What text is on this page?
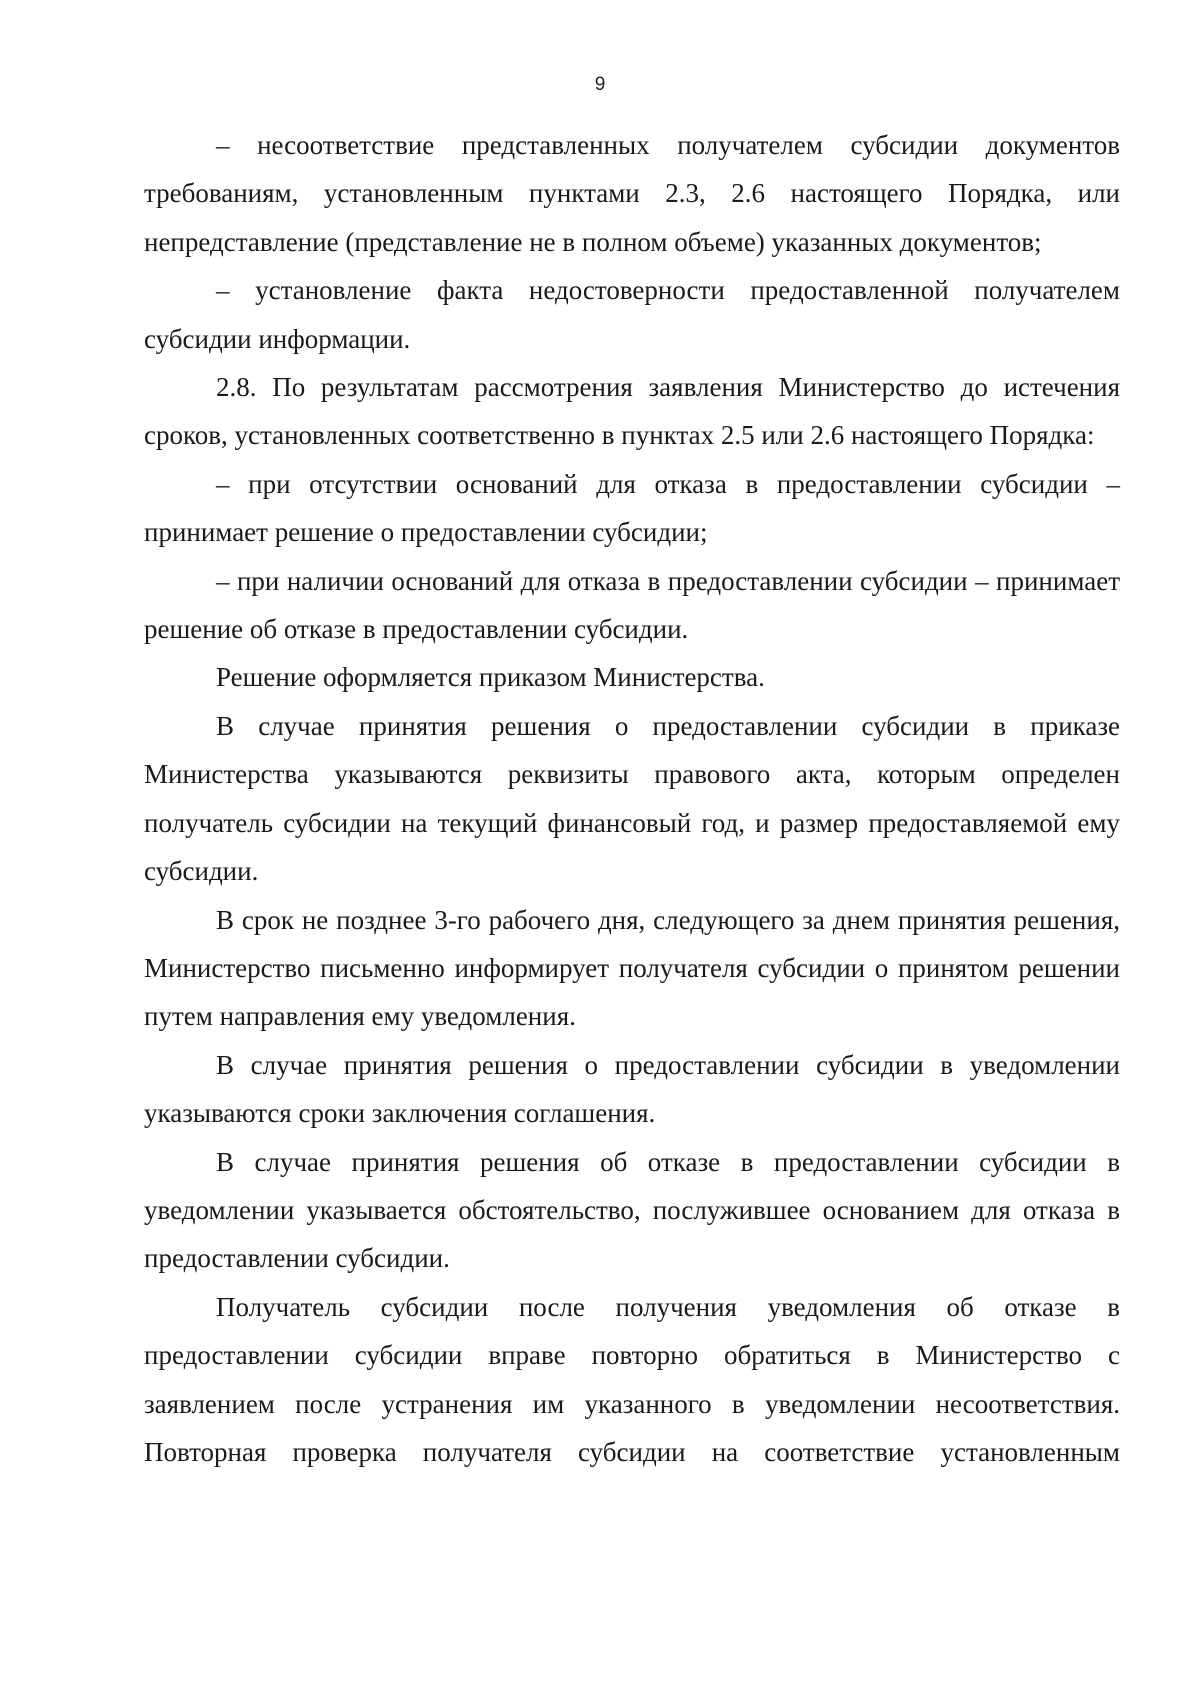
9

– несоответствие представленных получателем субсидии документов требованиям, установленным пунктами 2.3, 2.6 настоящего Порядка, или непредставление (представление не в полном объеме) указанных документов;

– установление факта недостоверности предоставленной получателем субсидии информации.

2.8. По результатам рассмотрения заявления Министерство до истечения сроков, установленных соответственно в пунктах 2.5 или 2.6 настоящего Порядка:

– при отсутствии оснований для отказа в предоставлении субсидии – принимает решение о предоставлении субсидии;

– при наличии оснований для отказа в предоставлении субсидии – принимает решение об отказе в предоставлении субсидии.

Решение оформляется приказом Министерства.

В случае принятия решения о предоставлении субсидии в приказе Министерства указываются реквизиты правового акта, которым определен получатель субсидии на текущий финансовый год, и размер предоставляемой ему субсидии.

В срок не позднее 3-го рабочего дня, следующего за днем принятия решения, Министерство письменно информирует получателя субсидии о принятом решении путем направления ему уведомления.

В случае принятия решения о предоставлении субсидии в уведомлении указываются сроки заключения соглашения.

В случае принятия решения об отказе в предоставлении субсидии в уведомлении указывается обстоятельство, послужившее основанием для отказа в предоставлении субсидии.

Получатель субсидии после получения уведомления об отказе в предоставлении субсидии вправе повторно обратиться в Министерство с заявлением после устранения им указанного в уведомлении несоответствия. Повторная проверка получателя субсидии на соответствие установленным
